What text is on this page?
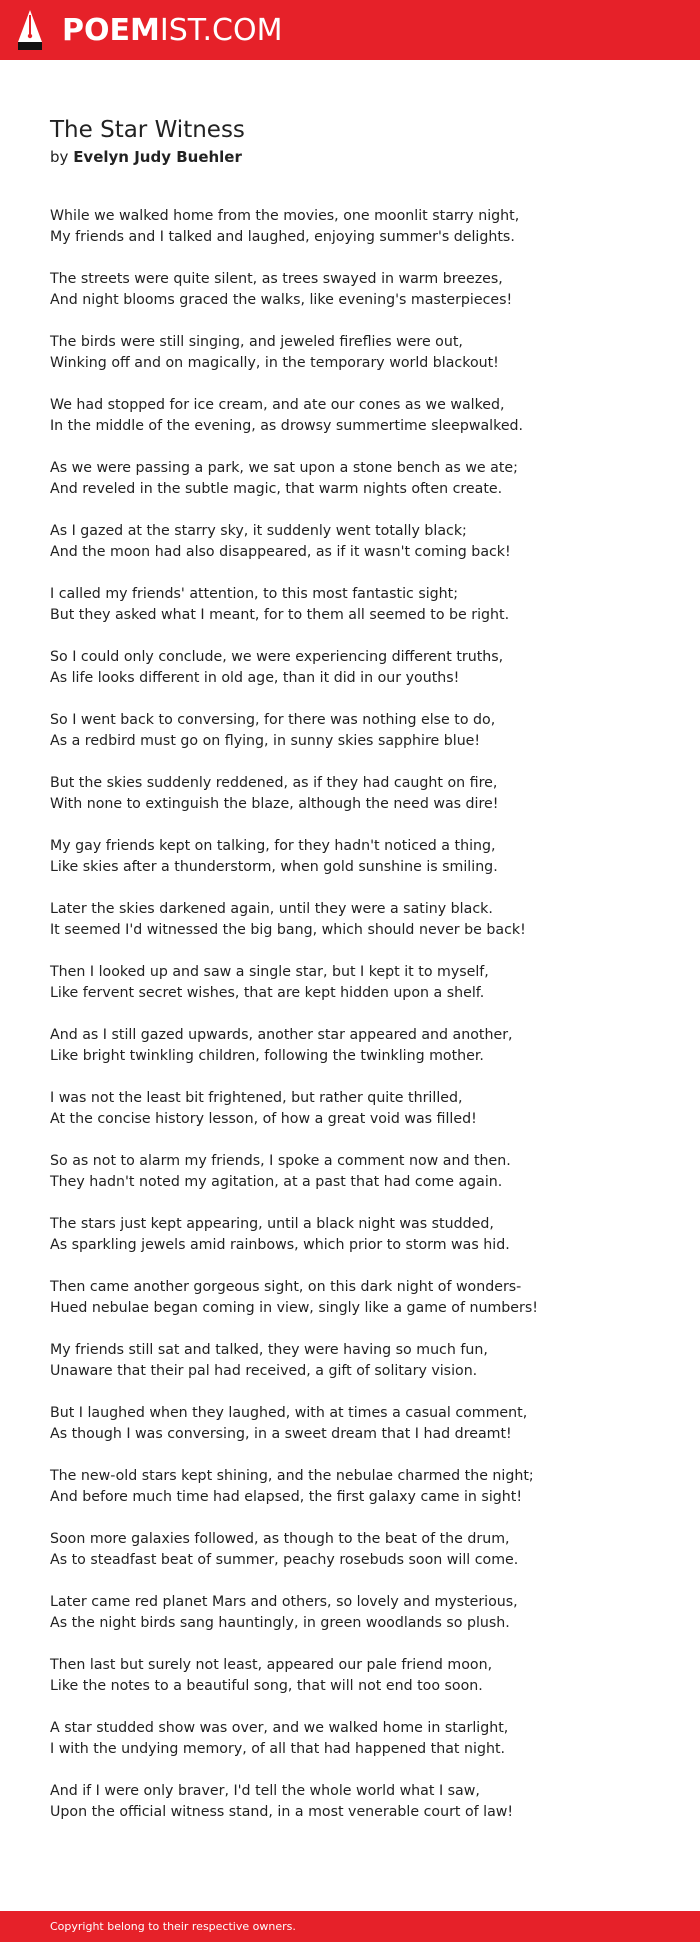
POEMIST.COM
The Star Witness
by Evelyn Judy Buehler

While we walked home from the movies, one moonlit starry night,
My friends and I talked and laughed, enjoying summer's delights.

The streets were quite silent, as trees swayed in warm breezes,
And night blooms graced the walks, like evening's masterpieces!

The birds were still singing, and jeweled fireflies were out,
Winking off and on magically, in the temporary world blackout!

We had stopped for ice cream, and ate our cones as we walked,
In the middle of the evening, as drowsy summertime sleepwalked.

As we were passing a park, we sat upon a stone bench as we ate;
And reveled in the subtle magic, that warm nights often create.

As I gazed at the starry sky, it suddenly went totally black;
And the moon had also disappeared, as if it wasn't coming back!

I called my friends' attention, to this most fantastic sight;
But they asked what I meant, for to them all seemed to be right.

So I could only conclude, we were experiencing different truths,
As life looks different in old age, than it did in our youths!

So I went back to conversing, for there was nothing else to do,
As a redbird must go on flying, in sunny skies sapphire blue!

But the skies suddenly reddened, as if they had caught on fire,
With none to extinguish the blaze, although the need was dire!

My gay friends kept on talking, for they hadn't noticed a thing,
Like skies after a thunderstorm, when gold sunshine is smiling.

Later the skies darkened again, until they were a satiny black.
It seemed I'd witnessed the big bang, which should never be back!

Then I looked up and saw a single star, but I kept it to myself,
Like fervent secret wishes, that are kept hidden upon a shelf.

And as I still gazed upwards, another star appeared and another,
Like bright twinkling children, following the twinkling mother.

I was not the least bit frightened, but rather quite thrilled,
At the concise history lesson, of how a great void was filled!

So as not to alarm my friends, I spoke a comment now and then.
They hadn't noted my agitation, at a past that had come again.

The stars just kept appearing, until a black night was studded,
As sparkling jewels amid rainbows, which prior to storm was hid.

Then came another gorgeous sight, on this dark night of wonders-
Hued nebulae began coming in view, singly like a game of numbers!

My friends still sat and talked, they were having so much fun,
Unaware that their pal had received, a gift of solitary vision.

But I laughed when they laughed, with at times a casual comment,
As though I was conversing, in a sweet dream that I had dreamt!

The new-old stars kept shining, and the nebulae charmed the night;
And before much time had elapsed, the first galaxy came in sight!

Soon more galaxies followed, as though to the beat of the drum,
As to steadfast beat of summer, peachy rosebuds soon will come.

Later came red planet Mars and others, so lovely and mysterious,
As the night birds sang hauntingly, in green woodlands so plush.

Then last but surely not least, appeared our pale friend moon,
Like the notes to a beautiful song, that will not end too soon.

A star studded show was over, and we walked home in starlight,
I with the undying memory, of all that had happened that night.

And if I were only braver, I'd tell the whole world what I saw,
Upon the official witness stand, in a most venerable court of law!

Copyright belong to their respective owners.
